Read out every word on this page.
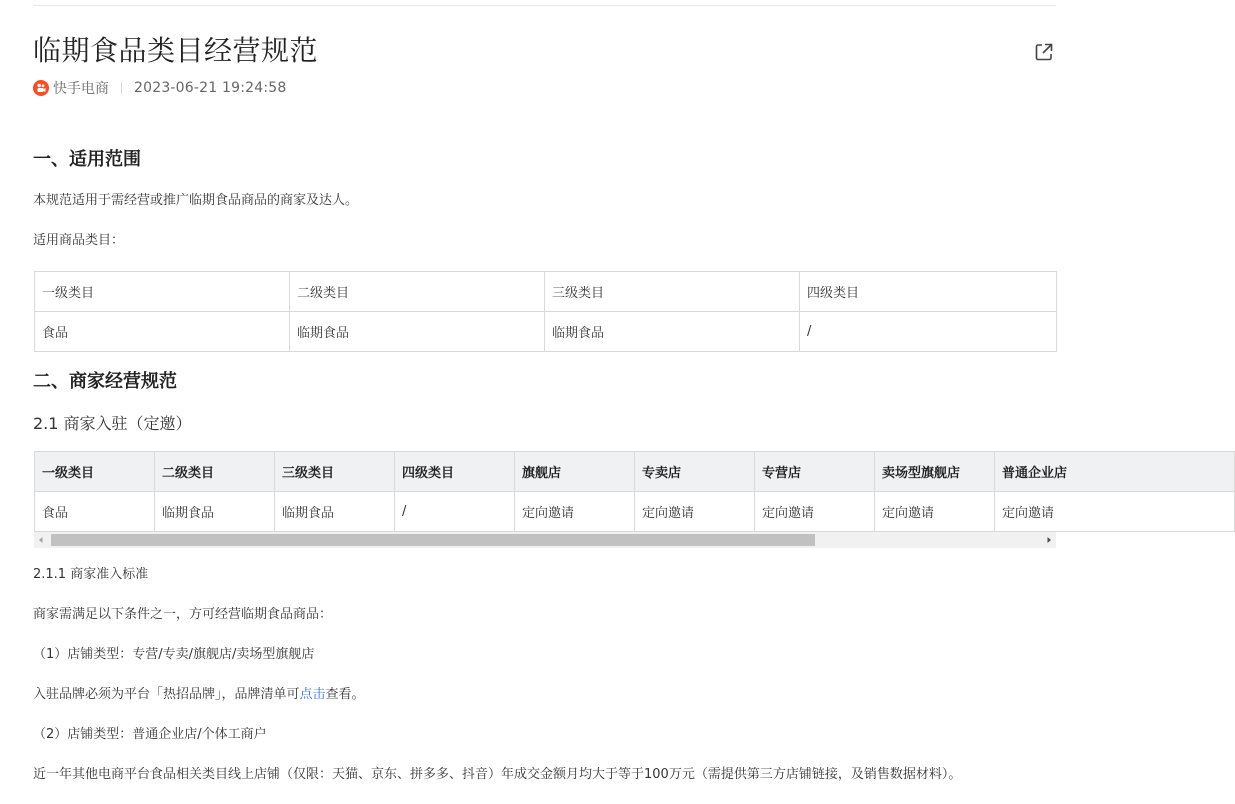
临期食品类目经营规范
快手电商 2023-06-21 19:24:58
一、适用范围

本规范适用于需经营或推广临期食品商品的商家及达人。

适用商品类目：

一级类目	二级类目	三级类目	四级类目
食品	临期食品	临期食品	/
二、商家经营规范
2.1 商家入驻（定邀）
一级类目	二级类目	三级类目	四级类目	旗舰店	专卖店	专营店	卖场型旗舰店	普通企业店
食品	临期食品	临期食品	/	定向邀请	定向邀请	定向邀请	定向邀请	定向邀请

2.1.1 商家准入标准

商家需满足以下条件之一，方可经营临期食品商品：

（1）店铺类型：专营/专卖/旗舰店/卖场型旗舰店

入驻品牌必须为平台「热招品牌」，品牌清单可点击查看。

（2）店铺类型：普通企业店/个体工商户

近一年其他电商平台食品相关类目线上店铺（仅限：天猫、京东、拼多多、抖音）年成交金额月均大于等于100万元（需提供第三方店铺链接，及销售数据材料）。
